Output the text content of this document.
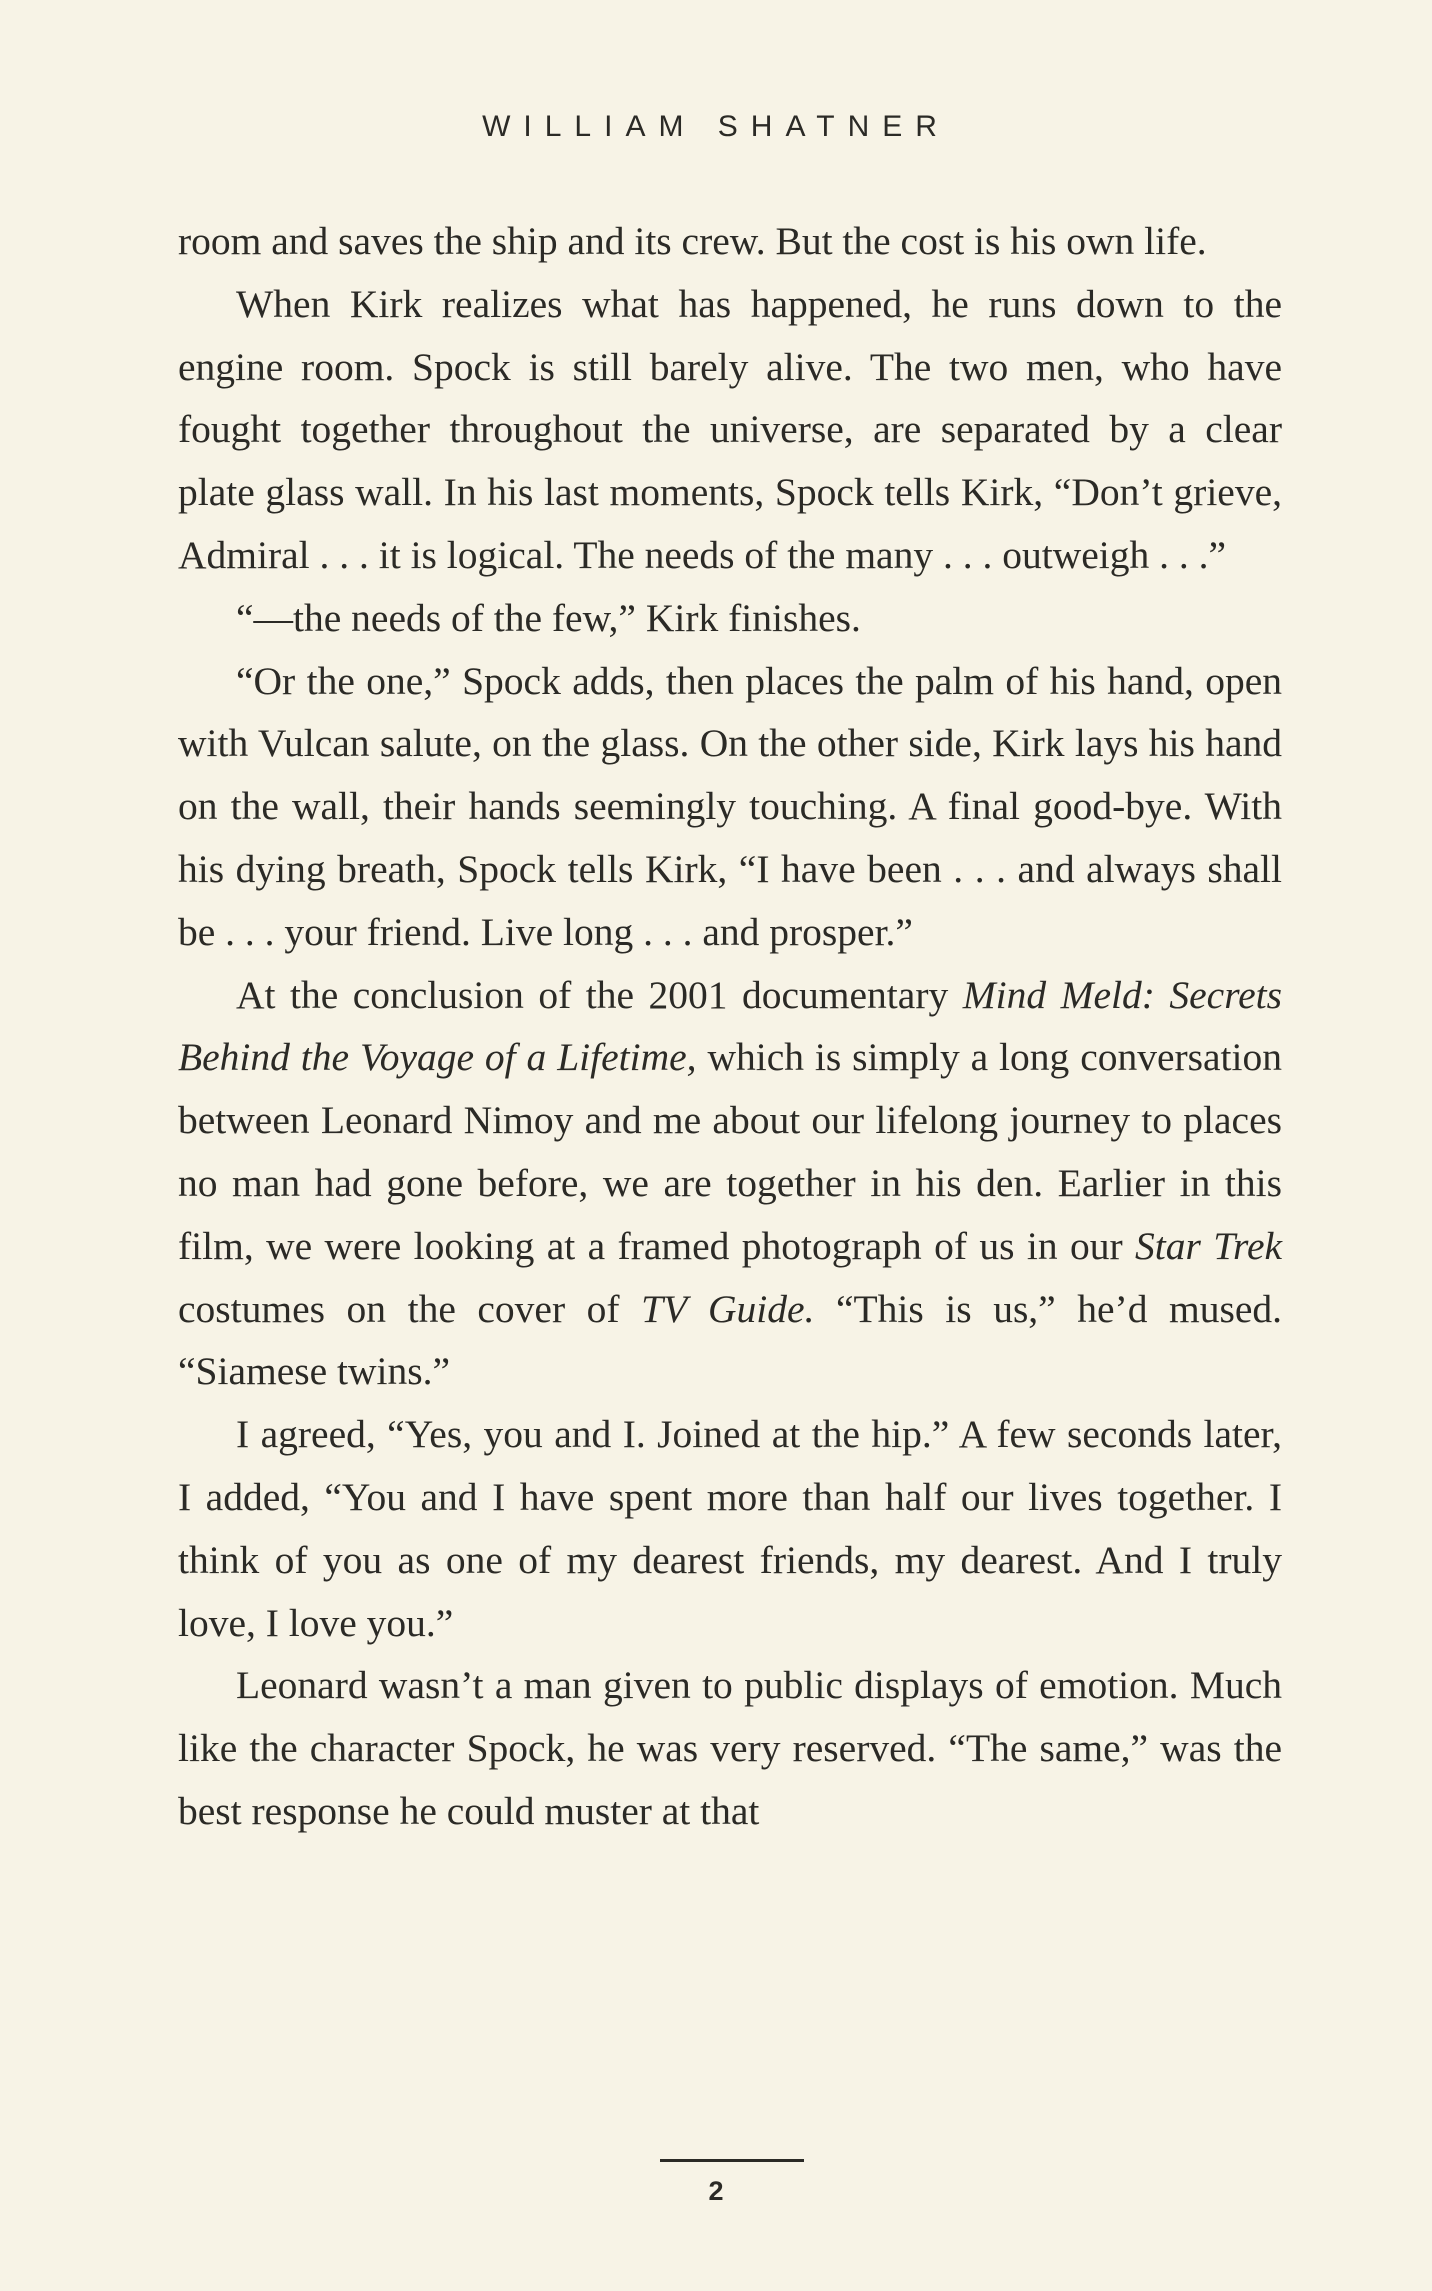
WILLIAM SHATNER

room and saves the ship and its crew. But the cost is his own life.

When Kirk realizes what has happened, he runs down to the engine room. Spock is still barely alive. The two men, who have fought together throughout the universe, are separated by a clear plate glass wall. In his last moments, Spock tells Kirk, “Don’t grieve, Admiral . . . it is logical. The needs of the many . . . outweigh . . .”

“—the needs of the few,” Kirk finishes.

“Or the one,” Spock adds, then places the palm of his hand, open with Vulcan salute, on the glass. On the other side, Kirk lays his hand on the wall, their hands seemingly touching. A final good-bye. With his dying breath, Spock tells Kirk, “I have been . . . and always shall be . . . your friend. Live long . . . and prosper.”

At the conclusion of the 2001 documentary Mind Meld: Secrets Behind the Voyage of a Lifetime, which is simply a long conversation between Leonard Nimoy and me about our lifelong journey to places no man had gone before, we are together in his den. Earlier in this film, we were looking at a framed photograph of us in our Star Trek costumes on the cover of TV Guide. “This is us,” he’d mused. “Siamese twins.”

I agreed, “Yes, you and I. Joined at the hip.” A few seconds later, I added, “You and I have spent more than half our lives together. I think of you as one of my dearest friends, my dearest. And I truly love, I love you.”

Leonard wasn’t a man given to public displays of emotion. Much like the character Spock, he was very reserved. “The same,” was the best response he could muster at that

2
